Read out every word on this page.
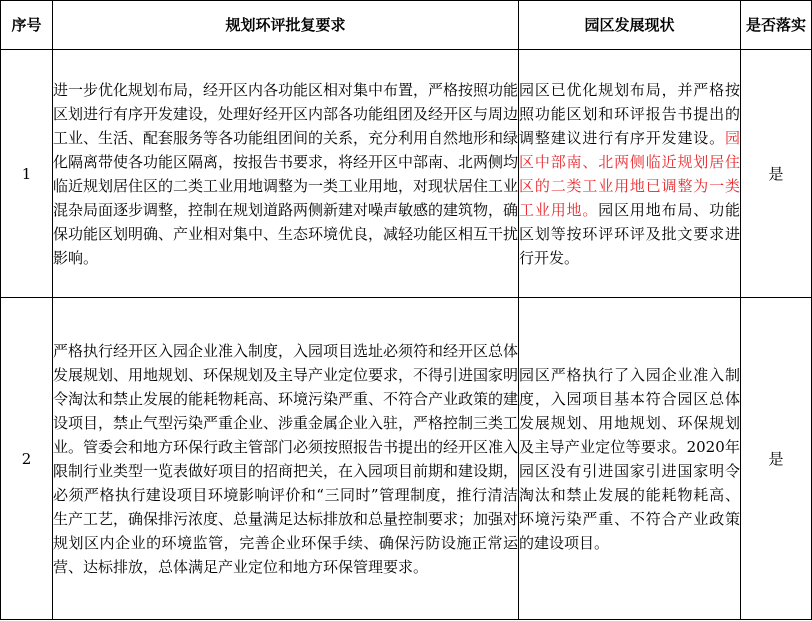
序号	规划环评批复要求	园区发展现状	是否落实
1	进一步优化规划布局，经开区内各功能区相对集中布置，严格按照功能区划进行有序开发建设，处理好经开区内部各功能组团及经开区与周边工业、生活、配套服务等各功能组团间的关系，充分利用自然地形和绿化隔离带使各功能区隔离，按报告书要求，将经开区中部南、北两侧均临近规划居住区的二类工业用地调整为一类工业用地，对现状居住工业混杂局面逐步调整，控制在规划道路两侧新建对噪声敏感的建筑物，确保功能区划明确、产业相对集中、生态环境优良，减轻功能区相互干扰影响。	园区已优化规划布局，并严格按照功能区划和环评报告书提出的调整建议进行有序开发建设。园区中部南、北两侧临近规划居住区的二类工业用地已调整为一类工业用地。园区用地布局、功能区划等按环评环评及批文要求进行开发。	是
2	严格执行经开区入园企业准入制度，入园项目选址必须符和经开区总体发展规划、用地规划、环保规划及主导产业定位要求，不得引进国家明令淘汰和禁止发展的能耗物耗高、环境污染严重、不符合产业政策的建设项目，禁止气型污染严重企业、涉重金属企业入驻，严格控制三类工业。管委会和地方环保行政主管部门必须按照报告书提出的经开区准入限制行业类型一览表做好项目的招商把关，在入园项目前期和建设期，必须严格执行建设项目环境影响评价和“三同时”管理制度，推行清洁生产工艺，确保排污浓度、总量满足达标排放和总量控制要求；加强对规划区内企业的环境监管，完善企业环保手续、确保污防设施正常运营、达标排放，总体满足产业定位和地方环保管理要求。	园区严格执行了入园企业准入制度，入园项目基本符合园区总体发展规划、用地规划、环保规划及主导产业定位等要求。2020年园区没有引进国家引进国家明令淘汰和禁止发展的能耗物耗高、环境污染严重、不符合产业政策的建设项目。	是
